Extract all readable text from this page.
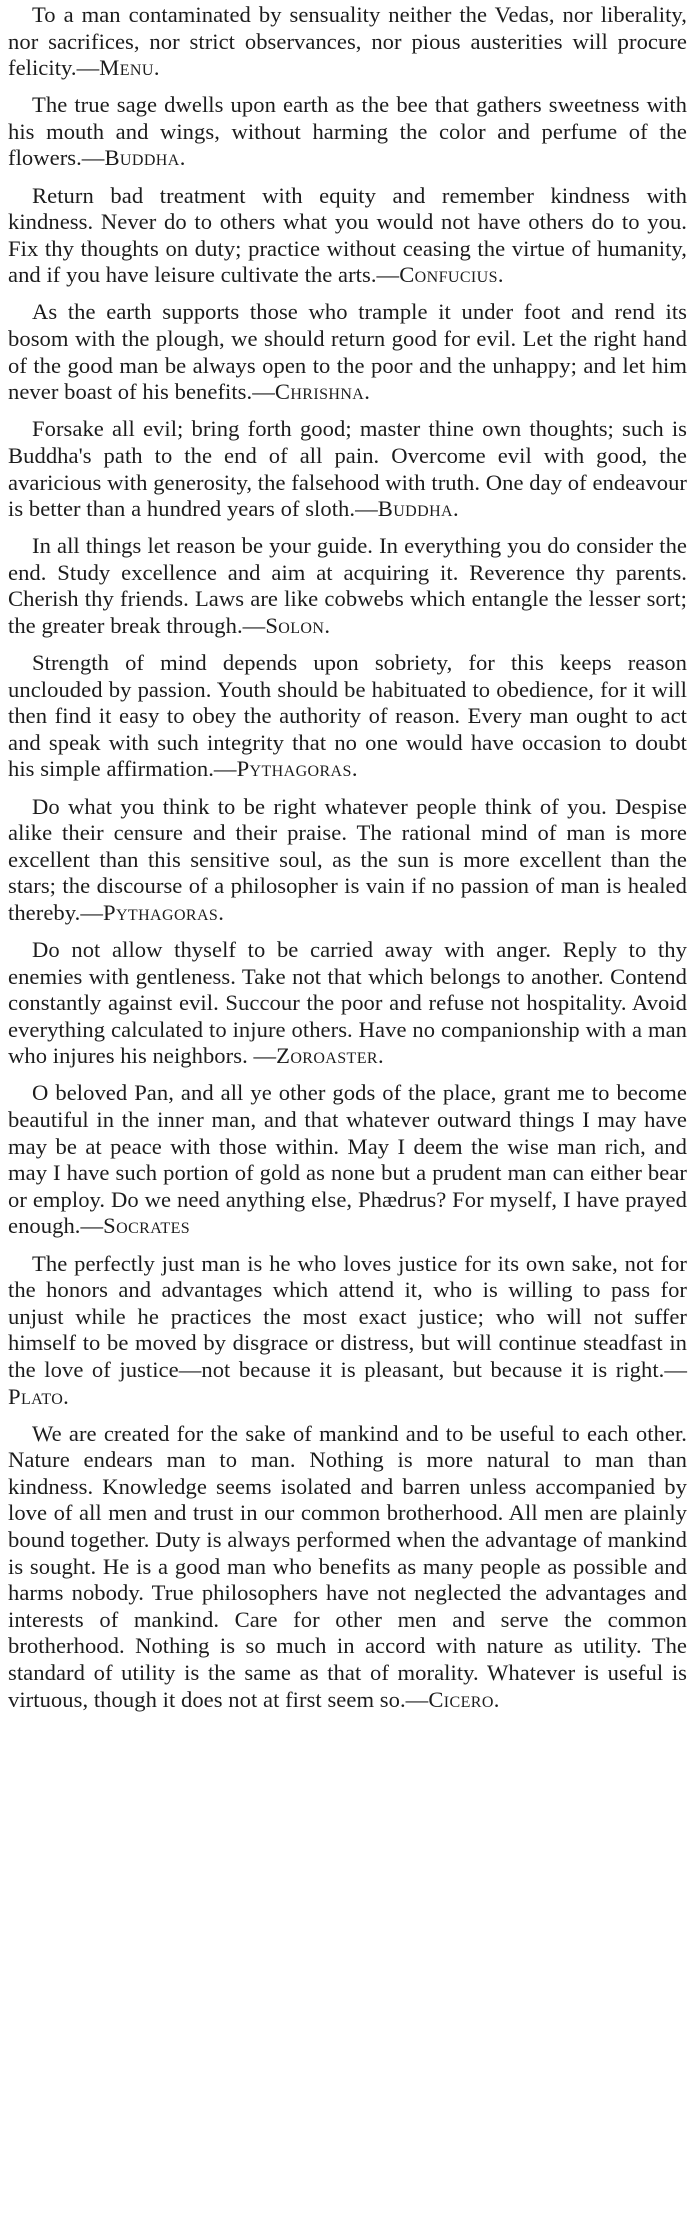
To a man contaminated by sensuality neither the Vedas, nor liberality, nor sacrifices, nor strict observances, nor pious austerities will procure felicity.—Menu.

The true sage dwells upon earth as the bee that gathers sweetness with his mouth and wings, without harming the color and perfume of the flowers.—Buddha.

Return bad treatment with equity and remember kindness with kindness. Never do to others what you would not have others do to you. Fix thy thoughts on duty; practice without ceasing the virtue of humanity, and if you have leisure cultivate the arts.—Confucius.

As the earth supports those who trample it under foot and rend its bosom with the plough, we should return good for evil. Let the right hand of the good man be always open to the poor and the unhappy; and let him never boast of his benefits.—Chrishna.

Forsake all evil; bring forth good; master thine own thoughts; such is Buddha's path to the end of all pain. Overcome evil with good, the avaricious with generosity, the falsehood with truth. One day of endeavour is better than a hundred years of sloth.—Buddha.

In all things let reason be your guide. In everything you do consider the end. Study excellence and aim at acquiring it. Reverence thy parents. Cherish thy friends. Laws are like cobwebs which entangle the lesser sort; the greater break through.—Solon.

Strength of mind depends upon sobriety, for this keeps reason unclouded by passion. Youth should be habituated to obedience, for it will then find it easy to obey the authority of reason. Every man ought to act and speak with such integrity that no one would have occasion to doubt his simple affirmation.—Pythagoras.

Do what you think to be right whatever people think of you. Despise alike their censure and their praise. The rational mind of man is more excellent than this sensitive soul, as the sun is more excellent than the stars; the discourse of a philosopher is vain if no passion of man is healed thereby.—Pythagoras.

Do not allow thyself to be carried away with anger. Reply to thy enemies with gentleness. Take not that which belongs to another. Contend constantly against evil. Succour the poor and refuse not hospitality. Avoid everything calculated to injure others. Have no companionship with a man who injures his neighbors. —Zoroaster.

O beloved Pan, and all ye other gods of the place, grant me to become beautiful in the inner man, and that whatever outward things I may have may be at peace with those within. May I deem the wise man rich, and may I have such portion of gold as none but a prudent man can either bear or employ. Do we need anything else, Phædrus? For myself, I have prayed enough.—Socrates

The perfectly just man is he who loves justice for its own sake, not for the honors and advantages which attend it, who is willing to pass for unjust while he practices the most exact justice; who will not suffer himself to be moved by disgrace or distress, but will continue steadfast in the love of justice—not because it is pleasant, but because it is right.—Plato.

We are created for the sake of mankind and to be useful to each other. Nature endears man to man. Nothing is more natural to man than kindness. Knowledge seems isolated and barren unless accompanied by love of all men and trust in our common brotherhood. All men are plainly bound together. Duty is always performed when the advantage of mankind is sought. He is a good man who benefits as many people as possible and harms nobody. True philosophers have not neglected the advantages and interests of mankind. Care for other men and serve the common brotherhood. Nothing is so much in accord with nature as utility. The standard of utility is the same as that of morality. Whatever is useful is virtuous, though it does not at first seem so.—Cicero.
